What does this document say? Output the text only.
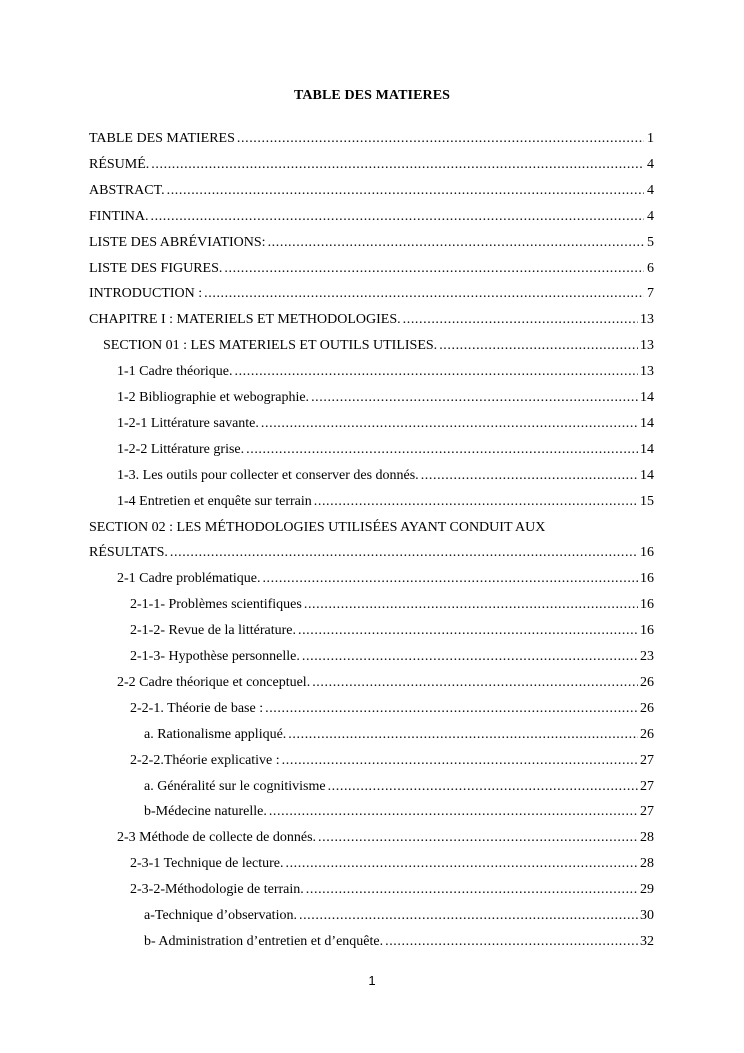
TABLE DES MATIERES
TABLE DES MATIERES .....	1
RÉSUMÉ. .....	4
ABSTRACT. .....	4
FINTINA. .....	4
LISTE DES ABRÉVIATIONS: .....	5
LISTE DES FIGURES. .....	6
INTRODUCTION : .....	7
CHAPITRE I : MATERIELS ET METHODOLOGIES. .....	13
SECTION 01 : LES MATERIELS ET OUTILS UTILISES. .....	13
1-1 Cadre théorique. .....	13
1-2 Bibliographie et webographie. .....	14
1-2-1 Littérature savante. .....	14
1-2-2 Littérature grise. .....	14
1-3. Les outils pour collecter et conserver des donnés. .....	14
1-4 Entretien et enquête sur terrain .....	15
SECTION 02 : LES MÉTHODOLOGIES UTILISÉES AYANT CONDUIT AUX
RÉSULTATS. .....	16
2-1 Cadre problématique. .....	16
2-1-1- Problèmes scientifiques .....	16
2-1-2- Revue de la littérature. .....	16
2-1-3- Hypothèse personnelle. .....	23
2-2 Cadre théorique et conceptuel. .....	26
2-2-1. Théorie de base : .....	26
a. Rationalisme appliqué. .....	26
2-2-2.Théorie explicative : .....	27
a. Généralité sur le cognitivisme .....	27
b-Médecine naturelle. .....	27
2-3 Méthode de collecte de donnés. .....	28
2-3-1 Technique de lecture. .....	28
2-3-2-Méthodologie de terrain. .....	29
a-Technique d’observation. .....	30
b- Administration d’entretien et d’enquête. .....	32
1
